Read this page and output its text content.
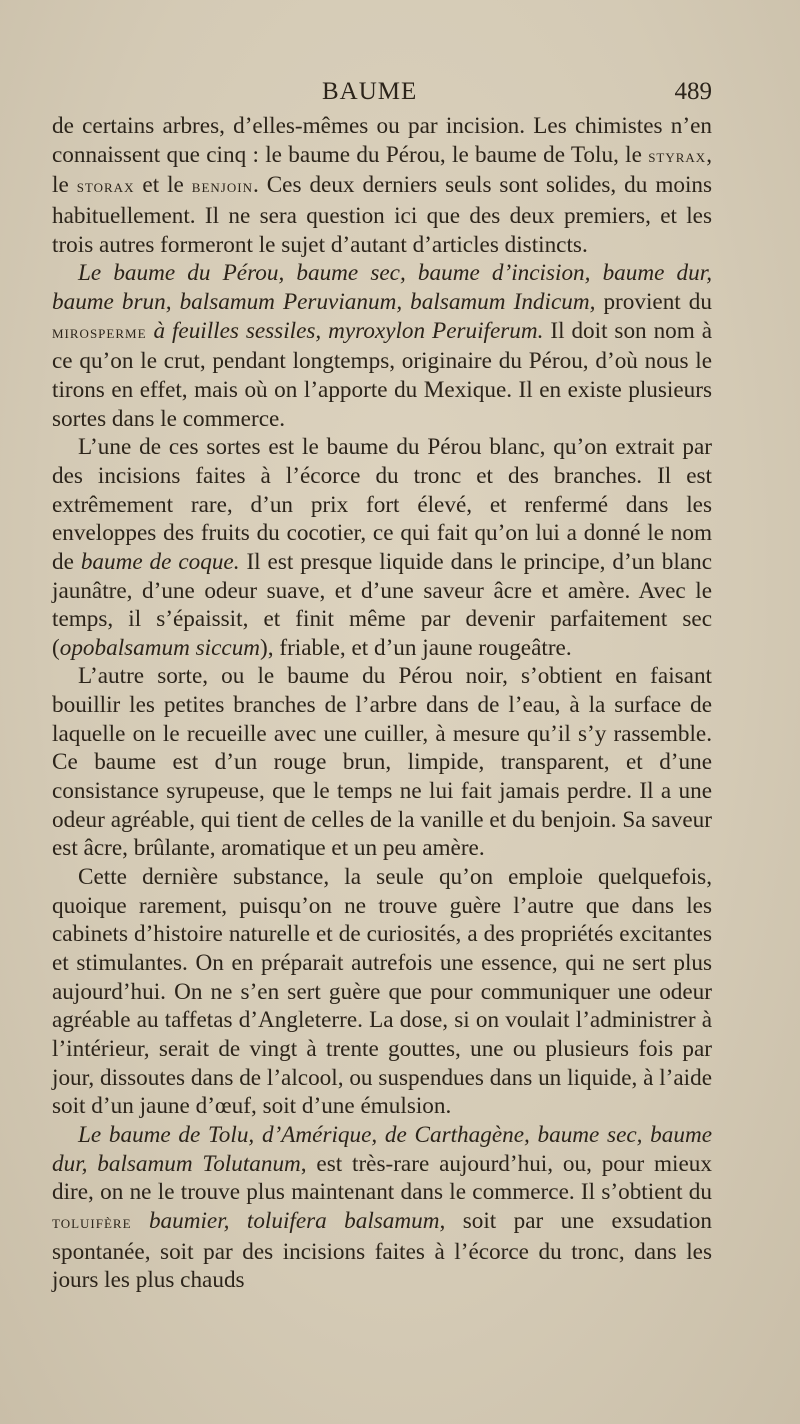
BAUME	489

de certains arbres, d’elles-mêmes ou par incision. Les chimistes n’en connaissent que cinq : le baume du Pérou, le baume de Tolu, le styrax, le storax et le benjoin. Ces deux derniers seuls sont solides, du moins habituellement. Il ne sera question ici que des deux premiers, et les trois autres formeront le sujet d’autant d’articles distincts.

Le baume du Pérou, baume sec, baume d’incision, baume dur, baume brun, balsamum Peruvianum, balsamum Indicum, provient du mirosperme à feuilles sessiles, myroxylon Peruiferum. Il doit son nom à ce qu’on le crut, pendant longtemps, originaire du Pérou, d’où nous le tirons en effet, mais où on l’apporte du Mexique. Il en existe plusieurs sortes dans le commerce.

L’une de ces sortes est le baume du Pérou blanc, qu’on extrait par des incisions faites à l’écorce du tronc et des branches. Il est extrêmement rare, d’un prix fort élevé, et renfermé dans les enveloppes des fruits du cocotier, ce qui fait qu’on lui a donné le nom de baume de coque. Il est presque liquide dans le principe, d’un blanc jaunâtre, d’une odeur suave, et d’une saveur âcre et amère. Avec le temps, il s’épaissit, et finit même par devenir parfaitement sec (opobalsamum siccum), friable, et d’un jaune rougeâtre.

L’autre sorte, ou le baume du Pérou noir, s’obtient en faisant bouillir les petites branches de l’arbre dans de l’eau, à la surface de laquelle on le recueille avec une cuiller, à mesure qu’il s’y rassemble. Ce baume est d’un rouge brun, limpide, transparent, et d’une consistance syrupeuse, que le temps ne lui fait jamais perdre. Il a une odeur agréable, qui tient de celles de la vanille et du benjoin. Sa saveur est âcre, brûlante, aromatique et un peu amère.

Cette dernière substance, la seule qu’on emploie quelquefois, quoique rarement, puisqu’on ne trouve guère l’autre que dans les cabinets d’histoire naturelle et de curiosités, a des propriétés excitantes et stimulantes. On en préparait autrefois une essence, qui ne sert plus aujourd’hui. On ne s’en sert guère que pour communiquer une odeur agréable au taffetas d’Angleterre. La dose, si on voulait l’administrer à l’intérieur, serait de vingt à trente gouttes, une ou plusieurs fois par jour, dissoutes dans de l’alcool, ou suspendues dans un liquide, à l’aide soit d’un jaune d’œuf, soit d’une émulsion.

Le baume de Tolu, d’Amérique, de Carthagène, baume sec, baume dur, balsamum Tolutanum, est très-rare aujourd’hui, ou, pour mieux dire, on ne le trouve plus maintenant dans le commerce. Il s’obtient du toluifère baumier, toluifera balsamum, soit par une exsudation spontanée, soit par des incisions faites à l’écorce du tronc, dans les jours les plus chauds
